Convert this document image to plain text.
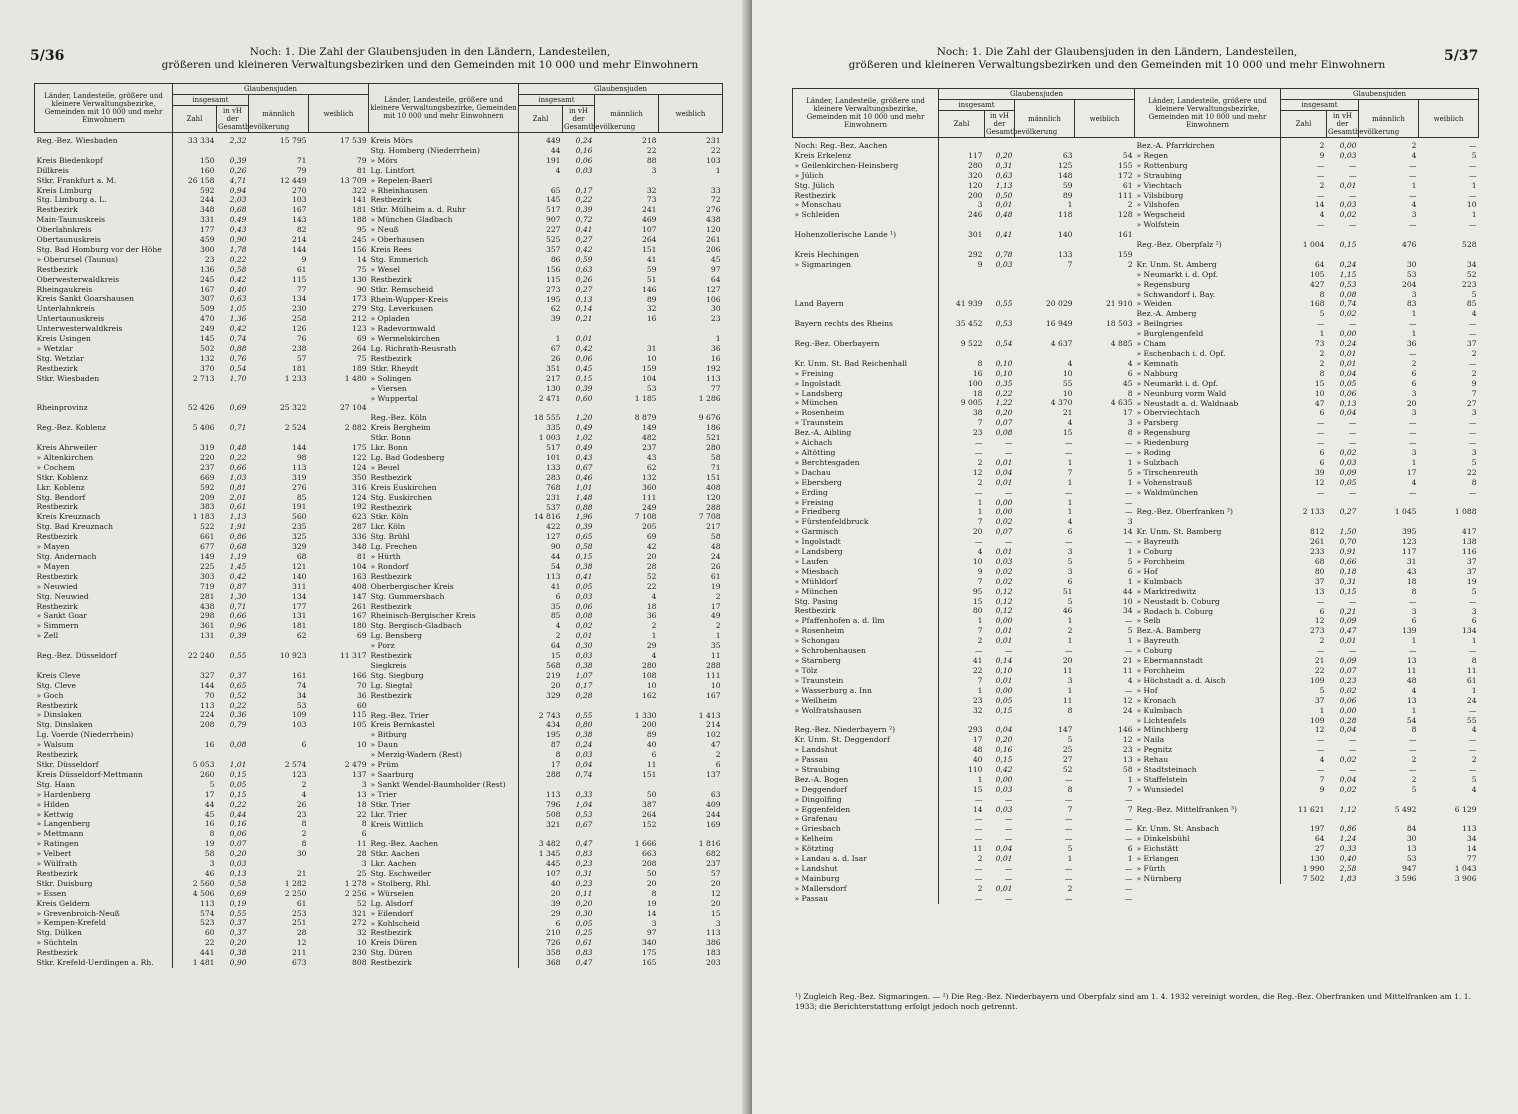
5/36	Noch: 1. Die Zahl der Glaubensjuden in den Ländern, Landesteilen,
größeren und kleineren Verwaltungsbezirken und den Gemeinden mit 10 000 und mehr Einwohnern
Länder, Landesteile, größere und kleinere Verwaltungsbezirke, Gemeinden mit 10 000 und mehr Einwohnern	Glaubensjuden			
	insgesamt		männlich	weiblich
	Zahl	in vH der Gesamtbevölkerung		
Reg.-Bez. Wiesbaden	33 334	2,32	15 795	17 539

Kreis Biedenkopf	150	0,39	71	79
Dillkreis	160	0,26	79	81
Stkr. Frankfurt a. M.	26 158	4,71	12 449	13 709
Kreis Limburg	592	0,94	270	322
Stg. Limburg a. L.	244	2,03	103	141
Restbezirk	348	0,68	167	181
Main-Taunuskreis	331	0,49	143	188
Oberlahnkreis	177	0,43	82	95
Obertaunuskreis	459	0,90	214	245
Stg. Bad Homburg vor der Höhe	300	1,78	144	156
» Oberursel (Taunus)	23	0,22	9	14
Restbezirk	136	0,58	61	75
Oberwesterwaldkreis	245	0,42	115	130
Rheingaukreis	167	0,40	77	90
Kreis Sankt Goarshausen	307	0,63	134	173
Unterlahnkreis	509	1,05	230	279
Untertaunuskreis	470	1,36	258	212
Unterwesterwaldkreis	249	0,42	126	123
Kreis Usingen	145	0,74	76	69
» Wetzlar	502	0,88	238	264
Stg. Wetzlar	132	0,76	57	75
Restbezirk	370	0,54	181	189
Stkr. Wiesbaden	2 713	1,70	1 233	1 480

Rheinprovinz	52 426	0,69	25 322	27 104

Reg.-Bez. Koblenz	5 406	0,71	2 524	2 882

Kreis Ahrweiler	319	0,48	144	175
» Altenkirchen	220	0,22	98	122
» Cochem	237	0,66	113	124
Stkr. Koblenz	669	1,03	319	350
Lkr. Koblenz	592	0,81	276	316
Stg. Bendorf	209	2,01	85	124
Restbezirk	383	0,61	191	192
Kreis Kreuznach	1 183	1,13	560	623
Stg. Bad Kreuznach	522	1,91	235	287
Restbezirk	661	0,86	325	336
» Mayen	677	0,68	329	348
Stg. Andernach	149	1,19	68	81
» Mayen	225	1,45	121	104
Restbezirk	303	0,42	140	163
» Neuwied	719	0,87	311	408
Stg. Neuwied	281	1,30	134	147
Restbezirk	438	0,71	177	261
» Sankt Goar	298	0,66	131	167
» Simmern	361	0,96	181	180
» Zell	131	0,39	62	69

Reg.-Bez. Düsseldorf	22 240	0,55	10 923	11 317

Kreis Cleve	327	0,37	161	166
Stg. Cleve	144	0,65	74	70
» Goch	70	0,52	34	36
Restbezirk	113	0,22	53	60
» Dinslaken	224	0,36	109	115
Stg. Dinslaken	208	0,79	103	105
Lg. Voerde (Niederrhein)				
» Walsum	16	0,08	6	10
Restbezirk				
Stkr. Düsseldorf	5 053	1,01	2 574	2 479
Kreis Düsseldorf-Mettmann	260	0,15	123	137
Stg. Haan	5	0,05	2	3
» Hardenberg	17	0,15	4	13
» Hilden	44	0,22	26	18
» Kettwig	45	0,44	23	22
» Langenberg	16	0,16	8	8
» Mettmann	8	0,06	2	6
» Ratingen	19	0,07	8	11
» Velbert	58	0,20	30	28
» Wülfrath	3	0,03		3
Restbezirk	46	0,13	21	25
Stkr. Duisburg	2 560	0,58	1 282	1 278
» Essen	4 506	0,69	2 250	2 256
Kreis Geldern	113	0,19	61	52
» Grevenbroich-Neuß	574	0,55	253	321
» Kempen-Krefeld	523	0,37	251	272
Stg. Dülken	60	0,37	28	32
» Süchteln	22	0,20	12	10
Restbezirk	441	0,38	211	230
Stkr. Krefeld-Uerdingen a. Rh.	1 481	0,90	673	808
Länder, Landesteile, größere und kleinere Verwaltungsbezirke, Gemeinden mit 10 000 und mehr Einwohnern	Glaubensjuden			
	insgesamt		männlich	weiblich
	Zahl	in vH der Gesamtbevölkerung		
Kreis Mörs	449	0,24	218	231
Stg. Homberg (Niederrhein)	44	0,16	22	22
» Mörs	191	0,06	88	103
Lg. Lintfort	4	0,03	3	1
» Repelen-Baerl				
» Rheinhausen	65	0,17	32	33
Restbezirk	145	0,22	73	72
Stkr. Mülheim a. d. Ruhr	517	0,39	241	276
» München Gladbach	907	0,72	469	438
» Neuß	227	0,41	107	120
» Oberhausen	525	0,27	264	261
Kreis Rees	357	0,42	151	206
Stg. Emmerich	86	0,59	41	45
» Wesel	156	0,63	59	97
Restbezirk	115	0,26	51	64
Stkr. Remscheid	273	0,27	146	127
Rhein-Wupper-Kreis	195	0,13	89	106
Stg. Leverkusen	62	0,14	32	30
» Opladen	39	0,21	16	23
» Radevormwald				
» Wermelskirchen	1	0,01		1
Lg. Richrath-Reusrath	67	0,42	31	36
Restbezirk	26	0,06	10	16
Stkr. Rheydt	351	0,45	159	192
» Solingen	217	0,15	104	113
» Viersen	130	0,39	53	77
» Wuppertal	2 471	0,60	1 185	1 286

Reg.-Bez. Köln	18 555	1,20	8 879	9 676
Kreis Bergheim	335	0,49	149	186
Stkr. Bonn	1 003	1,02	482	521
Lkr. Bonn	517	0,49	237	280
Lg. Bad Godesberg	101	0,43	43	58
» Beuel	133	0,67	62	71
Restbezirk	283	0,46	132	151
Kreis Euskirchen	768	1,01	360	408
Stg. Euskirchen	231	1,48	111	120
Restbezirk	537	0,88	249	288
Stkr. Köln	14 816	1,96	7 108	7 708
Lkr. Köln	422	0,39	205	217
Stg. Brühl	127	0,65	69	58
Lg. Frechen	90	0,58	42	48
» Hürth	44	0,15	20	24
» Rondorf	54	0,38	28	26
Restbezirk	113	0,41	52	61
Oberbergischer Kreis	41	0,05	22	19
Stg. Gummersbach	6	0,03	4	2
Restbezirk	35	0,06	18	17
Rheinisch-Bergischer Kreis	85	0,08	36	49
Stg. Bergisch-Gladbach	4	0,02	2	2
Lg. Bensberg	2	0,01	1	1
» Porz	64	0,30	29	35
Restbezirk	15	0,03	4	11
Siegkreis	568	0,38	280	288
Stg. Siegburg	219	1,07	108	111
Lg. Siegtal	20	0,17	10	10
Restbezirk	329	0,28	162	167

Reg.-Bez. Trier	2 743	0,55	1 330	1 413
Kreis Bernkastel	434	0,80	200	214
» Bitburg	195	0,38	89	102
» Daun	87	0,24	40	47
» Merzig-Wadern (Rest)	8	0,03	6	2
» Prüm	17	0,04	11	6
» Saarburg	288	0,74	151	137
» Sankt Wendel-Baumholder (Rest)				
» Trier	113	0,33	50	63
Stkr. Trier	796	1,04	387	409
Lkr. Trier	508	0,53	264	244
Kreis Wittlich	321	0,67	152	169

Reg.-Bez. Aachen	3 482	0,47	1 666	1 816
Stkr. Aachen	1 345	0,83	663	682
Lkr. Aachen	445	0,23	208	237
Stg. Eschweiler	107	0,31	50	57
» Stolberg, Rhl.	40	0,23	20	20
» Würselen	20	0,11	8	12
Lg. Alsdorf	39	0,20	19	20
» Eilendorf	29	0,30	14	15
» Kohlscheid	6	0,05	3	3
Restbezirk	210	0,25	97	113
Kreis Düren	726	0,61	340	386
Stg. Düren	358	0,83	175	183
Restbezirk	368	0,47	165	203
5/37
Noch: 1. Die Zahl der Glaubensjuden in den Ländern, Landesteilen,
größeren und kleineren Verwaltungsbezirken und den Gemeinden mit 10 000 und mehr Einwohnern
Länder, Landesteile, größere und kleinere Verwaltungsbezirke, Gemeinden mit 10 000 und mehr Einwohnern	Glaubensjuden			
	insgesamt		männlich	weiblich
	Zahl	in vH der Gesamtbevölkerung		
Noch: Reg.-Bez. Aachen				
Kreis Erkelenz	117	0,20	63	54
» Geilenkirchen-Heinsberg	280	0,31	125	155
» Jülich	320	0,63	148	172
Stg. Jülich	120	1,13	59	61
Restbezirk	200	0,50	89	111
» Monschau	3	0,01	1	2
» Schleiden	246	0,48	118	128

Hohenzollerische Lande ¹)	301	0,41	140	161

Kreis Hechingen	292	0,78	133	159
» Sigmaringen	9	0,03	7	2

Land Bayern	41 939	0,55	20 029	21 910

Bayern rechts des Rheins	35 452	0,53	16 949	18 503

Reg.-Bez. Oberbayern	9 522	0,54	4 637	4 885

Kr. Unm. St. Bad Reichenhall	8	0,10	4	4
» Freising	16	0,10	10	6
» Ingolstadt	100	0,35	55	45
» Landsberg	18	0,22	10	8
» München	9 005	1,22	4 370	4 635
» Rosenheim	38	0,20	21	17
» Traunstein	7	0,07	4	3
Bez.-A. Aibling	23	0,08	15	8
» Aichach	—	—	—	—
» Altötting	—	—	—	—
» Berchtesgaden	2	0,01	1	1
» Dachau	12	0,04	7	5
» Ebersberg	2	0,01	1	1
» Erding	—	—	—	—
» Freising	1	0,00	1	—
» Friedberg	1	0,00	1	—
» Fürstenfeldbruck	7	0,02	4	3
» Garmisch	20	0,07	6	14
» Ingolstadt	—	—	—	—
» Landsberg	4	0,01	3	1
» Laufen	10	0,03	5	5
» Miesbach	9	0,02	3	6
» Mühldorf	7	0,02	6	1
» München	95	0,12	51	44
Stg. Pasing	15	0,12	5	10
Restbezirk	80	0,12	46	34
» Pfaffenhofen a. d. Ilm	1	0,00	1	—
» Rosenheim	7	0,01	2	5
» Schongau	2	0,01	1	1
» Schrobenhausen	—	—	—	—
» Starnberg	41	0,14	20	21
» Tölz	22	0,10	11	11
» Traunstein	7	0,01	3	4
» Wasserburg a. Inn	1	0,00	1	—
» Weilheim	23	0,05	11	12
» Wolfratshausen	32	0,15	8	24

Reg.-Bez. Niederbayern ²)	293	0,04	147	146
Kr. Unm. St. Deggendorf	17	0,20	5	12
» Landshut	48	0,16	25	23
» Passau	40	0,15	27	13
» Straubing	110	0,42	52	58
Bez.-A. Bogen	1	0,00	—	1
» Deggendorf	15	0,03	8	7
» Dingolfing	—	—	—	—
» Eggenfelden	14	0,03	7	7
» Grafenau	—	—	—	—
» Griesbach	—	—	—	—
» Kelheim	—	—	—	—
» Kötzting	11	0,04	5	6
» Landau a. d. Isar	2	0,01	1	1
» Landshut	—	—	—	—
» Mainburg	—	—	—	—
» Mallersdorf	2	0,01	2	—
» Passau	—	—	—	—
Länder, Landesteile, größere und kleinere Verwaltungsbezirke, Gemeinden mit 10 000 und mehr Einwohnern	Glaubensjuden			
	insgesamt		männlich	weiblich
	Zahl	in vH der Gesamtbevölkerung		
Bez.-A. Pfarrkirchen	2	0,00	2	—
» Regen	9	0,03	4	5
» Rottenburg	—	—	—	—
» Straubing	—	—	—	—
» Viechtach	2	0,01	1	1
» Vilsbiburg	—	—	—	—
» Vilshofen	14	0,03	4	10
» Wegscheid	4	0,02	3	1
» Wolfstein	—	—	—	—

Reg.-Bez. Oberpfalz ²)	1 004	0,15	476	528

Kr. Unm. St. Amberg	64	0,24	30	34
» Neumarkt i. d. Opf.	105	1,15	53	52
» Regensburg	427	0,53	204	223
» Schwandorf i. Bay.	8	0,08	3	5
» Weiden	168	0,74	83	85
Bez.-A. Amberg	5	0,02	1	4
» Beilngries	—	—	—	—
» Burglengenfeld	1	0,00	1	—
» Cham	73	0,24	36	37
» Eschenbach i. d. Opf.	2	0,01	—	2
» Kemnath	2	0,01	2	—
» Nabburg	8	0,04	6	2
» Neumarkt i. d. Opf.	15	0,05	6	9
» Neunburg vorm Wald	10	0,06	3	7
» Neustadt a. d. Waldnaab	47	0,13	20	27
» Oberviechtach	6	0,04	3	3
» Parsberg	—	—	—	—
» Regensburg	—	—	—	—
» Riedenburg	—	—	—	—
» Roding	6	0,02	3	3
» Sulzbach	6	0,03	1	5
» Tirschenreuth	39	0,09	17	22
» Vohenstrauß	12	0,05	4	8
» Waldmünchen	—	—	—	—

Reg.-Bez. Oberfranken ³)	2 133	0,27	1 045	1 088

Kr. Unm. St. Bamberg	812	1,50	395	417
» Bayreuth	261	0,70	123	138
» Coburg	233	0,91	117	116
» Forchheim	68	0,66	31	37
» Hof	80	0,18	43	37
» Kulmbach	37	0,31	18	19
» Marktredwitz	13	0,15	8	5
» Neustadt b. Coburg	—	—	—	—
» Rodach b. Coburg	6	0,21	3	3
» Selb	12	0,09	6	6
Bez.-A. Bamberg	273	0,47	139	134
» Bayreuth	2	0,01	1	1
» Coburg	—	—	—	—
» Ebermannstadt	21	0,09	13	8
» Forchheim	22	0,07	11	11
» Höchstadt a. d. Aisch	109	0,23	48	61
» Hof	5	0,02	4	1
» Kronach	37	0,06	13	24
» Kulmbach	1	0,00	1	—
» Lichtenfels	109	0,28	54	55
» Münchberg	12	0,04	8	4
» Naila	—	—	—	—
» Pegnitz	—	—	—	—
» Rehau	4	0,02	2	2
» Stadtsteinach	—	—	—	—
» Staffelstein	7	0,04	2	5
» Wunsiedel	9	0,02	5	4

Reg.-Bez. Mittelfranken ³)	11 621	1,12	5 492	6 129

Kr. Unm. St. Ansbach	197	0,86	84	113
» Dinkelsbühl	64	1,24	30	34
» Eichstätt	27	0,33	13	14
» Erlangen	130	0,40	53	77
» Fürth	1 990	2,58	947	1 043
» Nürnberg	7 502	1,83	3 596	3 906
¹) Zugleich Reg.-Bez. Sigmaringen. — ²) Die Reg.-Bez. Niederbayern und Oberpfalz sind am 1. 4. 1932 vereinigt worden, die Reg.-Bez. Oberfranken und Mittelfranken am 1. 1. 1933; die Berichterstattung erfolgt jedoch noch getrennt.
